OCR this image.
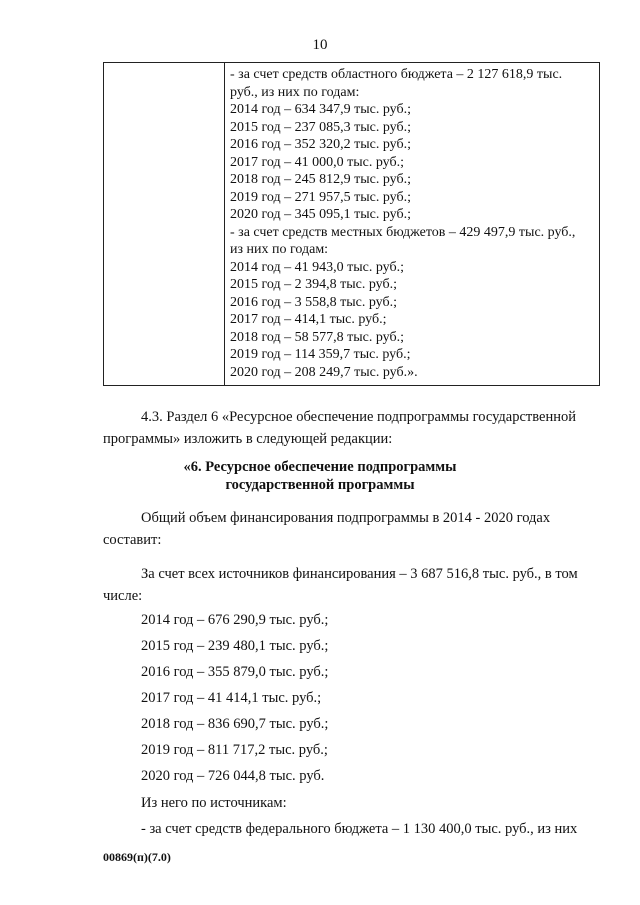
10

- за счет средств областного бюджета – 2 127 618,9 тыс.
руб., из них по годам:
2014 год – 634 347,9 тыс. руб.;
2015 год – 237 085,3 тыс. руб.;
2016 год – 352 320,2 тыс. руб.;
2017 год – 41 000,0 тыс. руб.;
2018 год – 245 812,9 тыс. руб.;
2019 год – 271 957,5 тыс. руб.;
2020 год – 345 095,1 тыс. руб.;
- за счет средств местных бюджетов – 429 497,9 тыс. руб.,
из них по годам:
2014 год – 41 943,0 тыс. руб.;
2015 год – 2 394,8 тыс. руб.;
2016 год – 3 558,8 тыс. руб.;
2017 год – 414,1 тыс. руб.;
2018 год – 58 577,8 тыс. руб.;
2019 год – 114 359,7 тыс. руб.;
2020 год – 208 249,7 тыс. руб.».
4.3. Раздел 6 «Ресурсное обеспечение подпрограммы государственной
программы» изложить в следующей редакции:
«6. Ресурсное обеспечение подпрограммы
государственной программы
Общий объем финансирования подпрограммы в 2014 - 2020 годах
составит:
За счет всех источников финансирования – 3 687 516,8 тыс. руб., в том
числе:
2014 год – 676 290,9 тыс. руб.;
2015 год – 239 480,1 тыс. руб.;
2016 год – 355 879,0 тыс. руб.;
2017 год – 41 414,1 тыс. руб.;
2018 год – 836 690,7 тыс. руб.;
2019 год – 811 717,2 тыс. руб.;
2020 год – 726 044,8 тыс. руб.
Из него по источникам:
- за счет средств федерального бюджета – 1 130 400,0 тыс. руб., из них
00869(п)(7.0)
